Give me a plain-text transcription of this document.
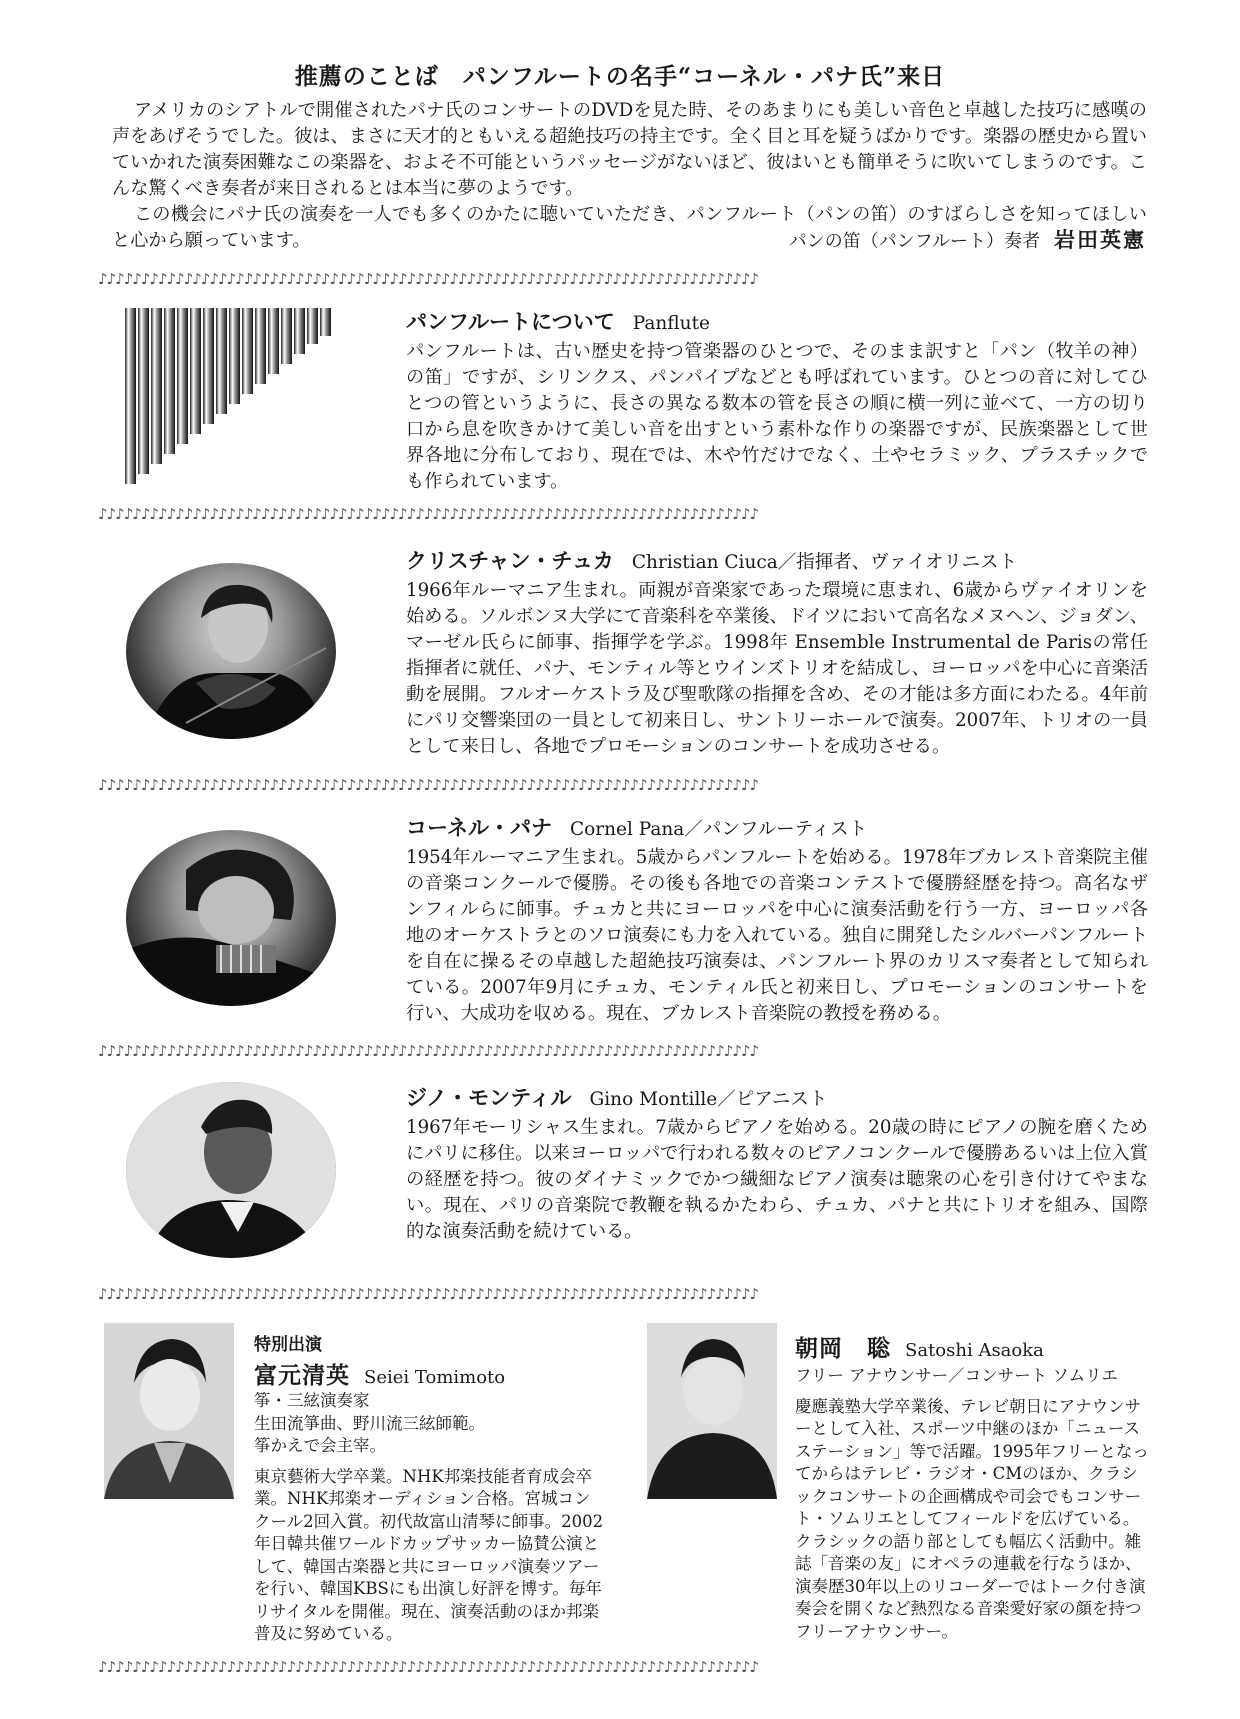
推薦のことば　パンフルートの名手“コーネル・パナ氏”来日

アメリカのシアトルで開催されたパナ氏のコンサートのDVDを見た時、そのあまりにも美しい音色と卓越した技巧に感嘆の声をあげそうでした。彼は、まさに天才的ともいえる超絶技巧の持主です。全く目と耳を疑うばかりです。楽器の歴史から置いていかれた演奏困難なこの楽器を、およそ不可能というパッセージがないほど、彼はいとも簡単そうに吹いてしまうのです。こんな驚くべき奏者が来日されるとは本当に夢のようです。

この機会にパナ氏の演奏を一人でも多くのかたに聴いていただき、パンフルート（パンの笛）のすばらしさを知ってほしいと心から願っています。	パンの笛（パンフルート）奏者 岩田英憲
♪♪♪♪♪♪♪♪♪♪♪♪♪♪♪♪♪♪♪♪♪♪♪♪♪♪♪♪♪♪♪♪♪♪♪♪♪♪♪♪♪♪♪♪♪♪♪♪♪♪♪♪♪♪♪♪♪♪♪♪♪♪♪♪♪♪♪♪♪♪♪♪♪♪♪♪♪
パンフルートについて Panflute
パンフルートは、古い歴史を持つ管楽器のひとつで、そのまま訳すと「パン（牧羊の神）の笛」ですが、シリンクス、パンパイプなどとも呼ばれています。ひとつの音に対してひとつの管というように、長さの異なる数本の管を長さの順に横一列に並べて、一方の切り口から息を吹きかけて美しい音を出すという素朴な作りの楽器ですが、民族楽器として世界各地に分布しており、現在では、木や竹だけでなく、土やセラミック、プラスチックでも作られています。
♪♪♪♪♪♪♪♪♪♪♪♪♪♪♪♪♪♪♪♪♪♪♪♪♪♪♪♪♪♪♪♪♪♪♪♪♪♪♪♪♪♪♪♪♪♪♪♪♪♪♪♪♪♪♪♪♪♪♪♪♪♪♪♪♪♪♪♪♪♪♪♪♪♪♪♪♪
クリスチャン・チュカ Christian Ciuca／指揮者、ヴァイオリニスト
1966年ルーマニア生まれ。両親が音楽家であった環境に恵まれ、6歳からヴァイオリンを始める。ソルボンヌ大学にて音楽科を卒業後、ドイツにおいて高名なメヌヘン、ジョダン、マーゼル氏らに師事、指揮学を学ぶ。1998年 Ensemble Instrumental de Parisの常任指揮者に就任、パナ、モンティル等とウインズトリオを結成し、ヨーロッパを中心に音楽活動を展開。フルオーケストラ及び聖歌隊の指揮を含め、その才能は多方面にわたる。4年前にパリ交響楽団の一員として初来日し、サントリーホールで演奏。2007年、トリオの一員として来日し、各地でプロモーションのコンサートを成功させる。
♪♪♪♪♪♪♪♪♪♪♪♪♪♪♪♪♪♪♪♪♪♪♪♪♪♪♪♪♪♪♪♪♪♪♪♪♪♪♪♪♪♪♪♪♪♪♪♪♪♪♪♪♪♪♪♪♪♪♪♪♪♪♪♪♪♪♪♪♪♪♪♪♪♪♪♪♪
コーネル・パナ Cornel Pana／パンフルーティスト
1954年ルーマニア生まれ。5歳からパンフルートを始める。1978年ブカレスト音楽院主催の音楽コンクールで優勝。その後も各地での音楽コンテストで優勝経歴を持つ。高名なザンフィルらに師事。チュカと共にヨーロッパを中心に演奏活動を行う一方、ヨーロッパ各地のオーケストラとのソロ演奏にも力を入れている。独自に開発したシルバーパンフルートを自在に操るその卓越した超絶技巧演奏は、パンフルート界のカリスマ奏者として知られている。2007年9月にチュカ、モンティル氏と初来日し、プロモーションのコンサートを行い、大成功を収める。現在、ブカレスト音楽院の教授を務める。
♪♪♪♪♪♪♪♪♪♪♪♪♪♪♪♪♪♪♪♪♪♪♪♪♪♪♪♪♪♪♪♪♪♪♪♪♪♪♪♪♪♪♪♪♪♪♪♪♪♪♪♪♪♪♪♪♪♪♪♪♪♪♪♪♪♪♪♪♪♪♪♪♪♪♪♪♪
ジノ・モンティル Gino Montille／ピアニスト
1967年モーリシャス生まれ。7歳からピアノを始める。20歳の時にピアノの腕を磨くためにパリに移住。以来ヨーロッパで行われる数々のピアノコンクールで優勝あるいは上位入賞の経歴を持つ。彼のダイナミックでかつ繊細なピアノ演奏は聴衆の心を引き付けてやまない。現在、パリの音楽院で教鞭を執るかたわら、チュカ、パナと共にトリオを組み、国際的な演奏活動を続けている。
♪♪♪♪♪♪♪♪♪♪♪♪♪♪♪♪♪♪♪♪♪♪♪♪♪♪♪♪♪♪♪♪♪♪♪♪♪♪♪♪♪♪♪♪♪♪♪♪♪♪♪♪♪♪♪♪♪♪♪♪♪♪♪♪♪♪♪♪♪♪♪♪♪♪♪♪♪
特別出演
富元清英 Seiei Tomimoto
筝・三絃演奏家
生田流箏曲、野川流三絃師範。
筝かえで会主宰。
東京藝術大学卒業。NHK邦楽技能者育成会卒業。NHK邦楽オーディション合格。宮城コンクール2回入賞。初代故富山清琴に師事。2002年日韓共催ワールドカップサッカー協賛公演として、韓国古楽器と共にヨーロッパ演奏ツアーを行い、韓国KBSにも出演し好評を博す。毎年リサイタルを開催。現在、演奏活動のほか邦楽普及に努めている。
朝岡　聡 Satoshi Asaoka
フリー アナウンサー／コンサート ソムリエ
慶應義塾大学卒業後、テレビ朝日にアナウンサーとして入社、スポーツ中継のほか「ニュースステーション」等で活躍。1995年フリーとなってからはテレビ・ラジオ・CMのほか、クラシックコンサートの企画構成や司会でもコンサート・ソムリエとしてフィールドを広げている。クラシックの語り部としても幅広く活動中。雑誌「音楽の友」にオペラの連載を行なうほか、演奏歴30年以上のリコーダーではトーク付き演奏会を開くなど熱烈なる音楽愛好家の顔を持つフリーアナウンサー。
♪♪♪♪♪♪♪♪♪♪♪♪♪♪♪♪♪♪♪♪♪♪♪♪♪♪♪♪♪♪♪♪♪♪♪♪♪♪♪♪♪♪♪♪♪♪♪♪♪♪♪♪♪♪♪♪♪♪♪♪♪♪♪♪♪♪♪♪♪♪♪♪♪♪♪♪♪
